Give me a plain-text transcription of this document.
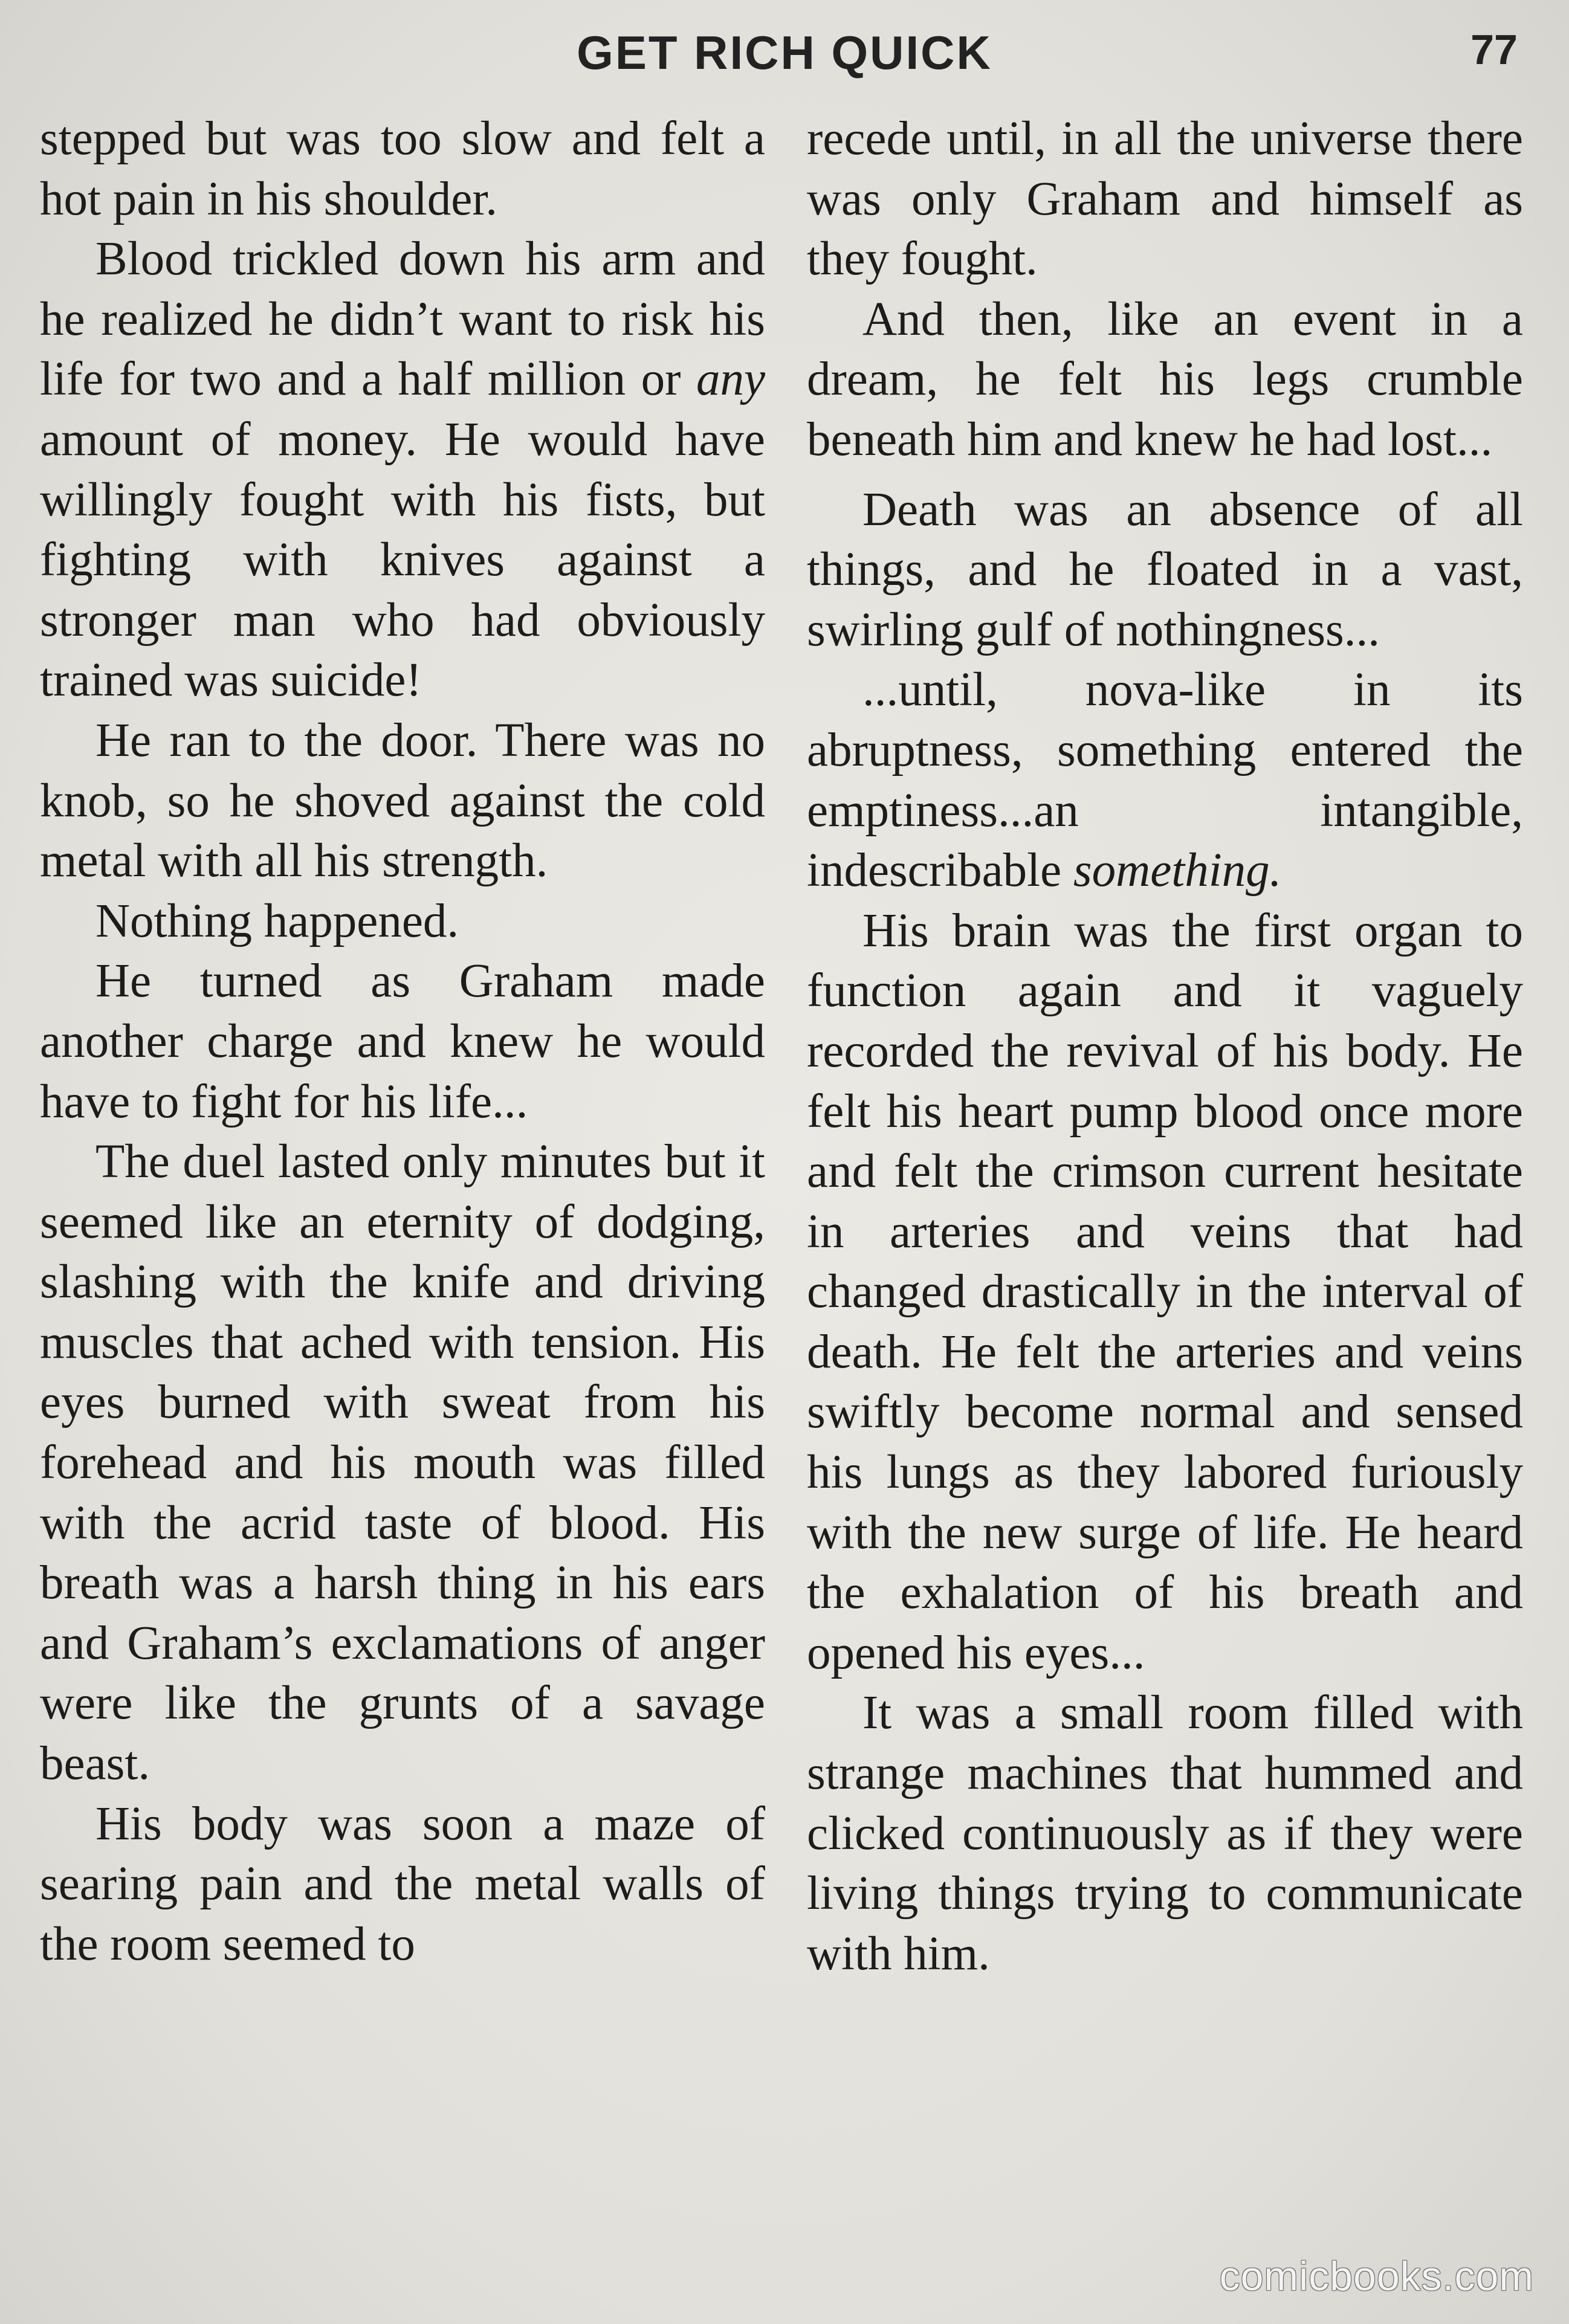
GET RICH QUICK	77

stepped but was too slow and felt a hot pain in his shoulder.

Blood trickled down his arm and he realized he didn’t want to risk his life for two and a half million or any amount of money. He would have willingly fought with his fists, but fighting with knives against a stronger man who had obviously trained was suicide!

He ran to the door. There was no knob, so he shoved against the cold metal with all his strength.

Nothing happened.

He turned as Graham made another charge and knew he would have to fight for his life...

The duel lasted only minutes but it seemed like an eternity of dodging, slashing with the knife and driving muscles that ached with tension. His eyes burned with sweat from his forehead and his mouth was filled with the acrid taste of blood. His breath was a harsh thing in his ears and Graham’s exclamations of anger were like the grunts of a savage beast.

His body was soon a maze of searing pain and the metal walls of the room seemed to

recede until, in all the universe there was only Graham and himself as they fought.

And then, like an event in a dream, he felt his legs crumble beneath him and knew he had lost...

Death was an absence of all things, and he floated in a vast, swirling gulf of nothingness...

...until, nova-like in its abruptness, something entered the emptiness...an intangible, indescribable something.

His brain was the first organ to function again and it vaguely recorded the revival of his body. He felt his heart pump blood once more and felt the crimson current hesitate in arteries and veins that had changed drastically in the interval of death. He felt the arteries and veins swiftly become normal and sensed his lungs as they labored furiously with the new surge of life. He heard the exhalation of his breath and opened his eyes...

It was a small room filled with strange machines that hummed and clicked continuously as if they were living things trying to communicate with him.

comicbooks.com
